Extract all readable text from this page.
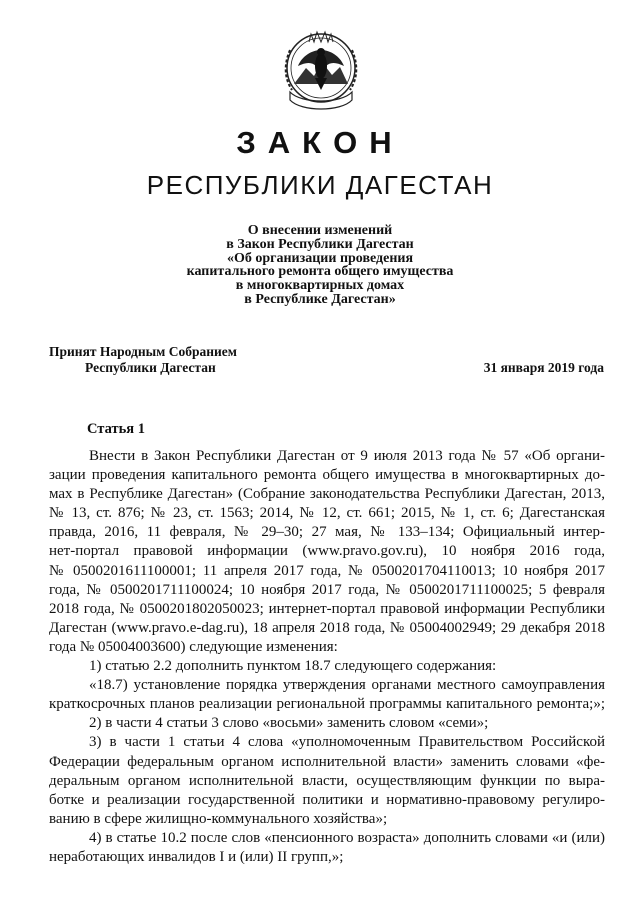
ЗАКОН
РЕСПУБЛИКИ ДАГЕСТАН
О внесении изменений
в Закон Республики Дагестан
«Об организации проведения
капитального ремонта общего имущества
в многоквартирных домах
в Республике Дагестан»
Принят Народным Собранием
Республики Дагестан	31 января 2019 года
Статья 1

Внести в Закон Республики Дагестан от 9 июля 2013 года № 57 «Об органи-

зации проведения капитального ремонта общего имущества в многоквартирных до-

мах в Республике Дагестан» (Собрание законодательства Республики Дагестан, 2013,

№ 13, ст. 876; № 23, ст. 1563; 2014, № 12, ст. 661; 2015, № 1, ст. 6; Дагестанская

правда, 2016, 11 февраля, № 29–30; 27 мая, № 133–134; Официальный интер-

нет-портал правовой информации (www.pravo.gov.ru), 10 ноября 2016 года,

№ 0500201611100001; 11 апреля 2017 года, № 0500201704110013; 10 ноября 2017

года, № 0500201711100024; 10 ноября 2017 года, № 0500201711100025; 5 февраля

2018 года, № 0500201802050023; интернет-портал правовой информации Республики

Дагестан (www.pravo.e-dag.ru), 18 апреля 2018 года, № 05004002949; 29 декабря 2018

года № 05004003600) следующие изменения:

1) статью 2.2 дополнить пунктом 18.7 следующего содержания:

«18.7) установление порядка утверждения органами местного самоуправления

краткосрочных планов реализации региональной программы капитального ремонта;»;

2) в части 4 статьи 3 слово «восьми» заменить словом «семи»;

3) в части 1 статьи 4 слова «уполномоченным Правительством Российской

Федерации федеральным органом исполнительной власти» заменить словами «фе-

деральным органом исполнительной власти, осуществляющим функции по выра-

ботке и реализации государственной политики и нормативно-правовому регулиро-

ванию в сфере жилищно-коммунального хозяйства»;

4) в статье 10.2 после слов «пенсионного возраста» дополнить словами «и (или)

неработающих инвалидов I и (или) II групп,»;
